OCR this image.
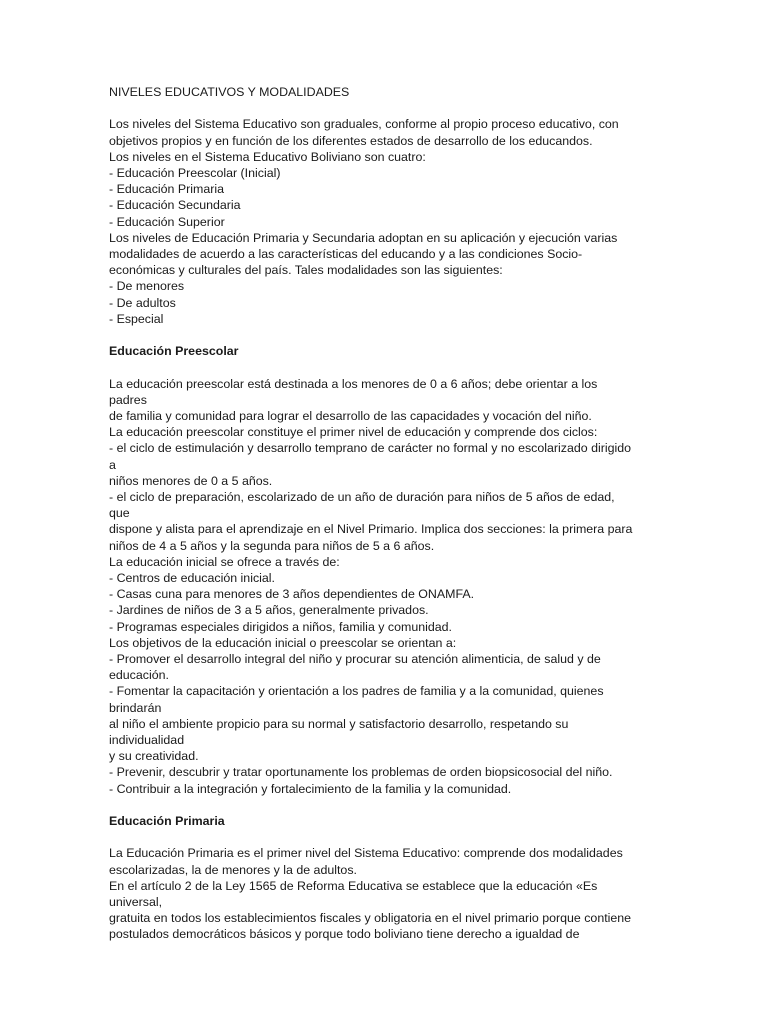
NIVELES EDUCATIVOS Y MODALIDADES

Los niveles del Sistema Educativo son graduales, conforme al propio proceso educativo, con
objetivos propios y en función de los diferentes estados de desarrollo de los educandos.
Los niveles en el Sistema Educativo Boliviano son cuatro:
- Educación Preescolar (Inicial)
- Educación Primaria
- Educación Secundaria
- Educación Superior
Los niveles de Educación Primaria y Secundaria adoptan en su aplicación y ejecución varias
modalidades de acuerdo a las características del educando y a las condiciones Socio-
económicas y culturales del país. Tales modalidades son las siguientes:
- De menores
- De adultos
- Especial

Educación Preescolar

La educación preescolar está destinada a los menores de 0 a 6 años; debe orientar a los
padres
de familia y comunidad para lograr el desarrollo de las capacidades y vocación del niño.
La educación preescolar constituye el primer nivel de educación y comprende dos ciclos:
- el ciclo de estimulación y desarrollo temprano de carácter no formal y no escolarizado dirigido
a
niños menores de 0 a 5 años.
- el ciclo de preparación, escolarizado de un año de duración para niños de 5 años de edad,
que
dispone y alista para el aprendizaje en el Nivel Primario. Implica dos secciones: la primera para
niños de 4 a 5 años y la segunda para niños de 5 a 6 años.
La educación inicial se ofrece a través de:
- Centros de educación inicial.
- Casas cuna para menores de 3 años dependientes de ONAMFA.
- Jardines de niños de 3 a 5 años, generalmente privados.
- Programas especiales dirigidos a niños, familia y comunidad.
Los objetivos de la educación inicial o preescolar se orientan a:
- Promover el desarrollo integral del niño y procurar su atención alimenticia, de salud y de
educación.
- Fomentar la capacitación y orientación a los padres de familia y a la comunidad, quienes
brindarán
al niño el ambiente propicio para su normal y satisfactorio desarrollo, respetando su
individualidad
y su creatividad.
- Prevenir, descubrir y tratar oportunamente los problemas de orden biopsicosocial del niño.
- Contribuir a la integración y fortalecimiento de la familia y la comunidad.

Educación Primaria

La Educación Primaria es el primer nivel del Sistema Educativo: comprende dos modalidades
escolarizadas, la de menores y la de adultos.
En el artículo 2 de la Ley 1565 de Reforma Educativa se establece que la educación «Es
universal,
gratuita en todos los establecimientos fiscales y obligatoria en el nivel primario porque contiene
postulados democráticos básicos y porque todo boliviano tiene derecho a igualdad de
